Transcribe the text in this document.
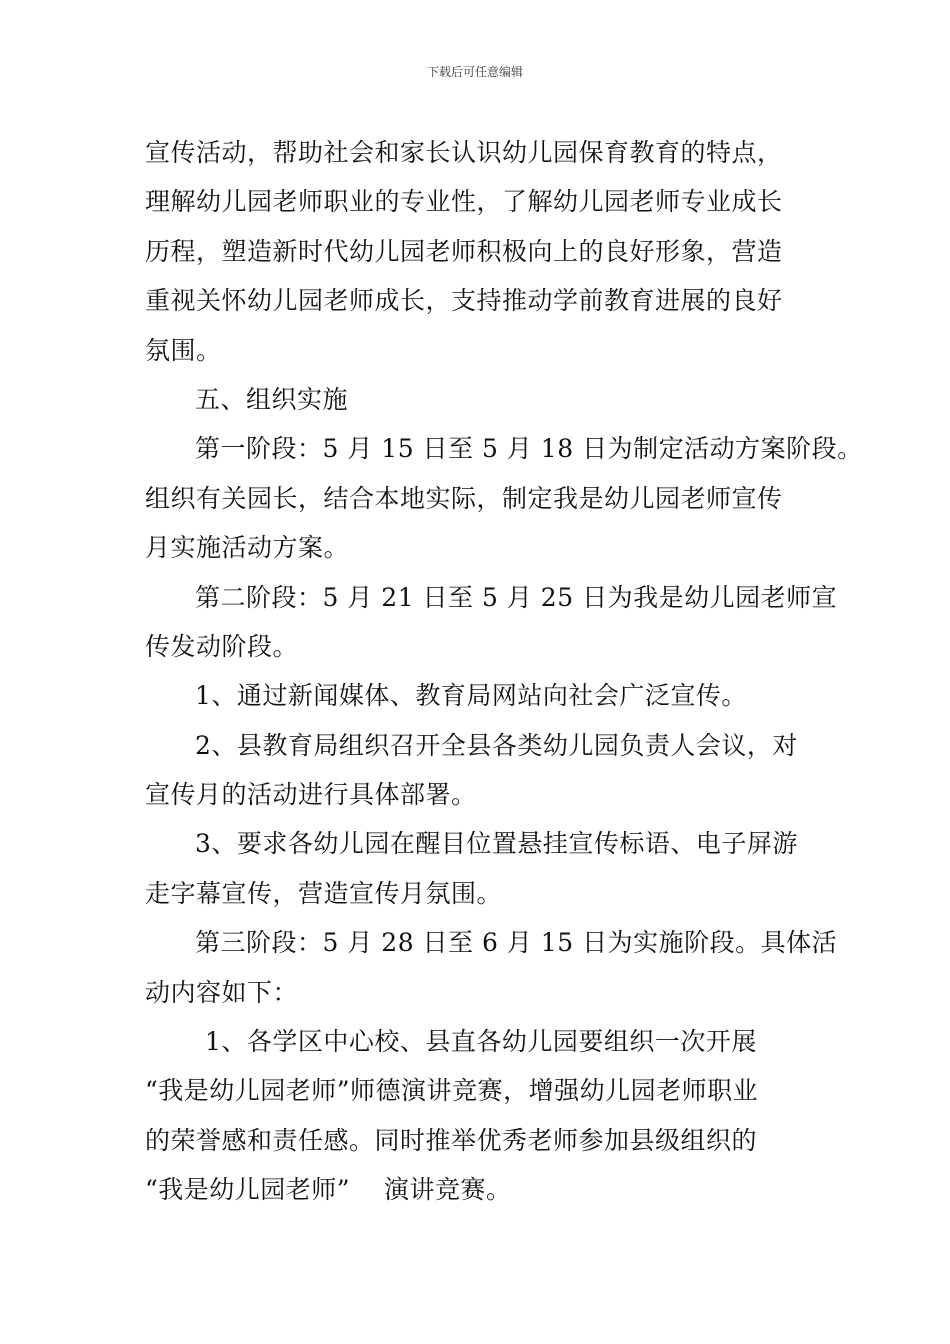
下载后可任意编辑
宣传活动，帮助社会和家长认识幼儿园保育教育的特点，
理解幼儿园老师职业的专业性，了解幼儿园老师专业成长
历程，塑造新时代幼儿园老师积极向上的良好形象，营造
重视关怀幼儿园老师成长，支持推动学前教育进展的良好
氛围。
五、组织实施
第一阶段：5 月 15 日至 5 月 18 日为制定活动方案阶段。
组织有关园长，结合本地实际，制定我是幼儿园老师宣传
月实施活动方案。
第二阶段：5 月 21 日至 5 月 25 日为我是幼儿园老师宣
传发动阶段。
1、通过新闻媒体、教育局网站向社会广泛宣传。
2、县教育局组织召开全县各类幼儿园负责人会议，对
宣传月的活动进行具体部署。
3、要求各幼儿园在醒目位置悬挂宣传标语、电子屏游
走字幕宣传，营造宣传月氛围。
第三阶段：5 月 28 日至 6 月 15 日为实施阶段。具体活
动内容如下：
1、各学区中心校、县直各幼儿园要组织一次开展
“我是幼儿园老师”师德演讲竞赛，增强幼儿园老师职业
的荣誉感和责任感。同时推举优秀老师参加县级组织的
“我是幼儿园老师”　 演讲竞赛。
